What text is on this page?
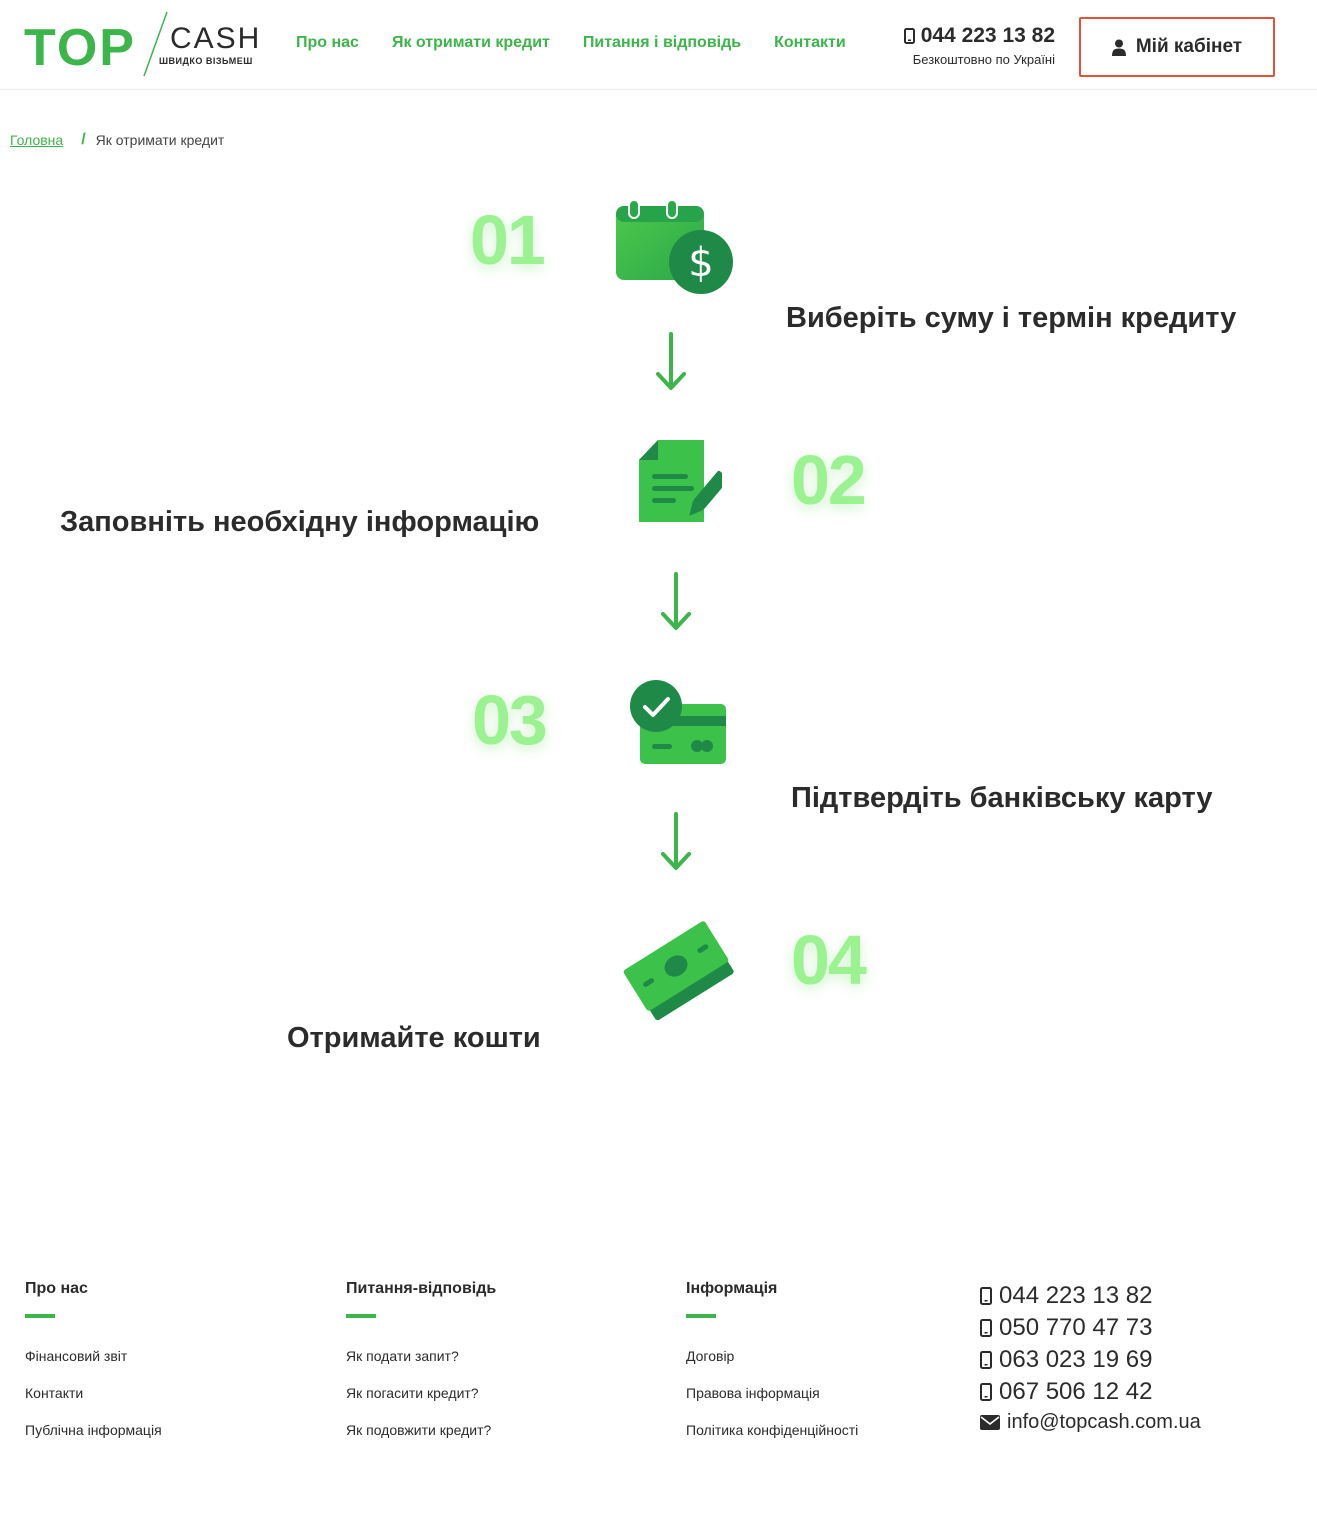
TOP CASH
ШВИДКО ВІЗЬМЕШ
Про нас Як отримати кредит Питання і відповідь Контакти	044 223 13 82
Безкоштовно по Україні
Мій кабінет
Головна / Як отримати кредит
01	$
Виберіть суму і термін кредиту
02
Заповніть необхідну інформацію
03
Підтвердіть банківську карту
04
Отримайте кошти
Про нас
Фінансовий звіт
Контакти
Публічна інформація
Питання-відповідь
Як подати запит?
Як погасити кредит?
Як подовжити кредит?
Інформація
Договір
Правова інформація
Політика конфіденційності
044 223 13 82
050 770 47 73
063 023 19 69
067 506 12 42
info@topcash.com.ua
